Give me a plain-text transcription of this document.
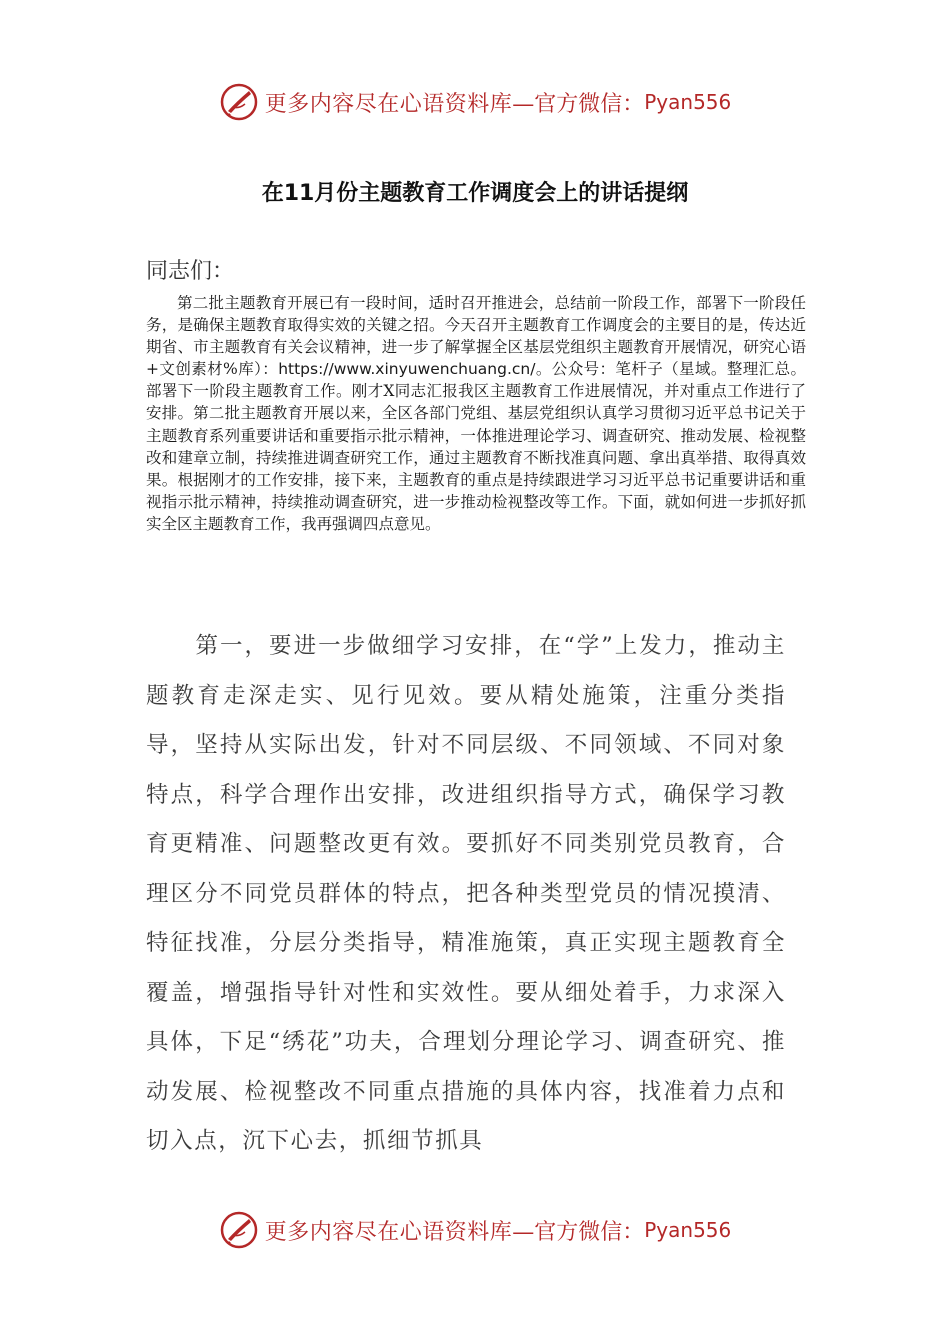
更多内容尽在心语资料库 —官方微信： Pyan556
在11月份主题教育工作调度会上的讲话提纲
同志们：
第二批主题教育开展已有一段时间，适时召开推进会，总结前一阶段工作，部署下一阶段任务，是确保主题教育取得实效的关键之招。今天召开主题教育工作调度会的主要目的是，传达近期省、市主题教育有关会议精神，进一步了解掌握全区基层党组织主题教育开展情况，研究心语+文创素材%库）：https://www.xinyuwenchuang.cn/。公众号：笔杆子（星域。整理汇总。部署下一阶段主题教育工作。刚才X同志汇报我区主题教育工作进展情况，并对重点工作进行了安排。第二批主题教育开展以来，全区各部门党组、基层党组织认真学习贯彻习近平总书记关于主题教育系列重要讲话和重要指示批示精神，一体推进理论学习、调查研究、推动发展、检视整改和建章立制，持续推进调查研究工作，通过主题教育不断找准真问题、拿出真举措、取得真效果。根据刚才的工作安排，接下来，主题教育的重点是持续跟进学习习近平总书记重要讲话和重视指示批示精神，持续推动调查研究，进一步推动检视整改等工作。下面，就如何进一步抓好抓实全区主题教育工作，我再强调四点意见。
第一，要进一步做细学习安排，在“学”上发力，推动主题教育走深走实、见行见效。要从精处施策，注重分类指导，坚持从实际出发，针对不同层级、不同领域、不同对象特点，科学合理作出安排，改进组织指导方式，确保学习教育更精准、问题整改更有效。要抓好不同类别党员教育，合理区分不同党员群体的特点，把各种类型党员的情况摸清、特征找准，分层分类指导，精准施策，真正实现主题教育全覆盖，增强指导针对性和实效性。要从细处着手，力求深入具体，下足“绣花”功夫，合理划分理论学习、调查研究、推动发展、检视整改不同重点措施的具体内容，找准着力点和切入点，沉下心去，抓细节抓具
更多内容尽在心语资料库 —官方微信： Pyan556
